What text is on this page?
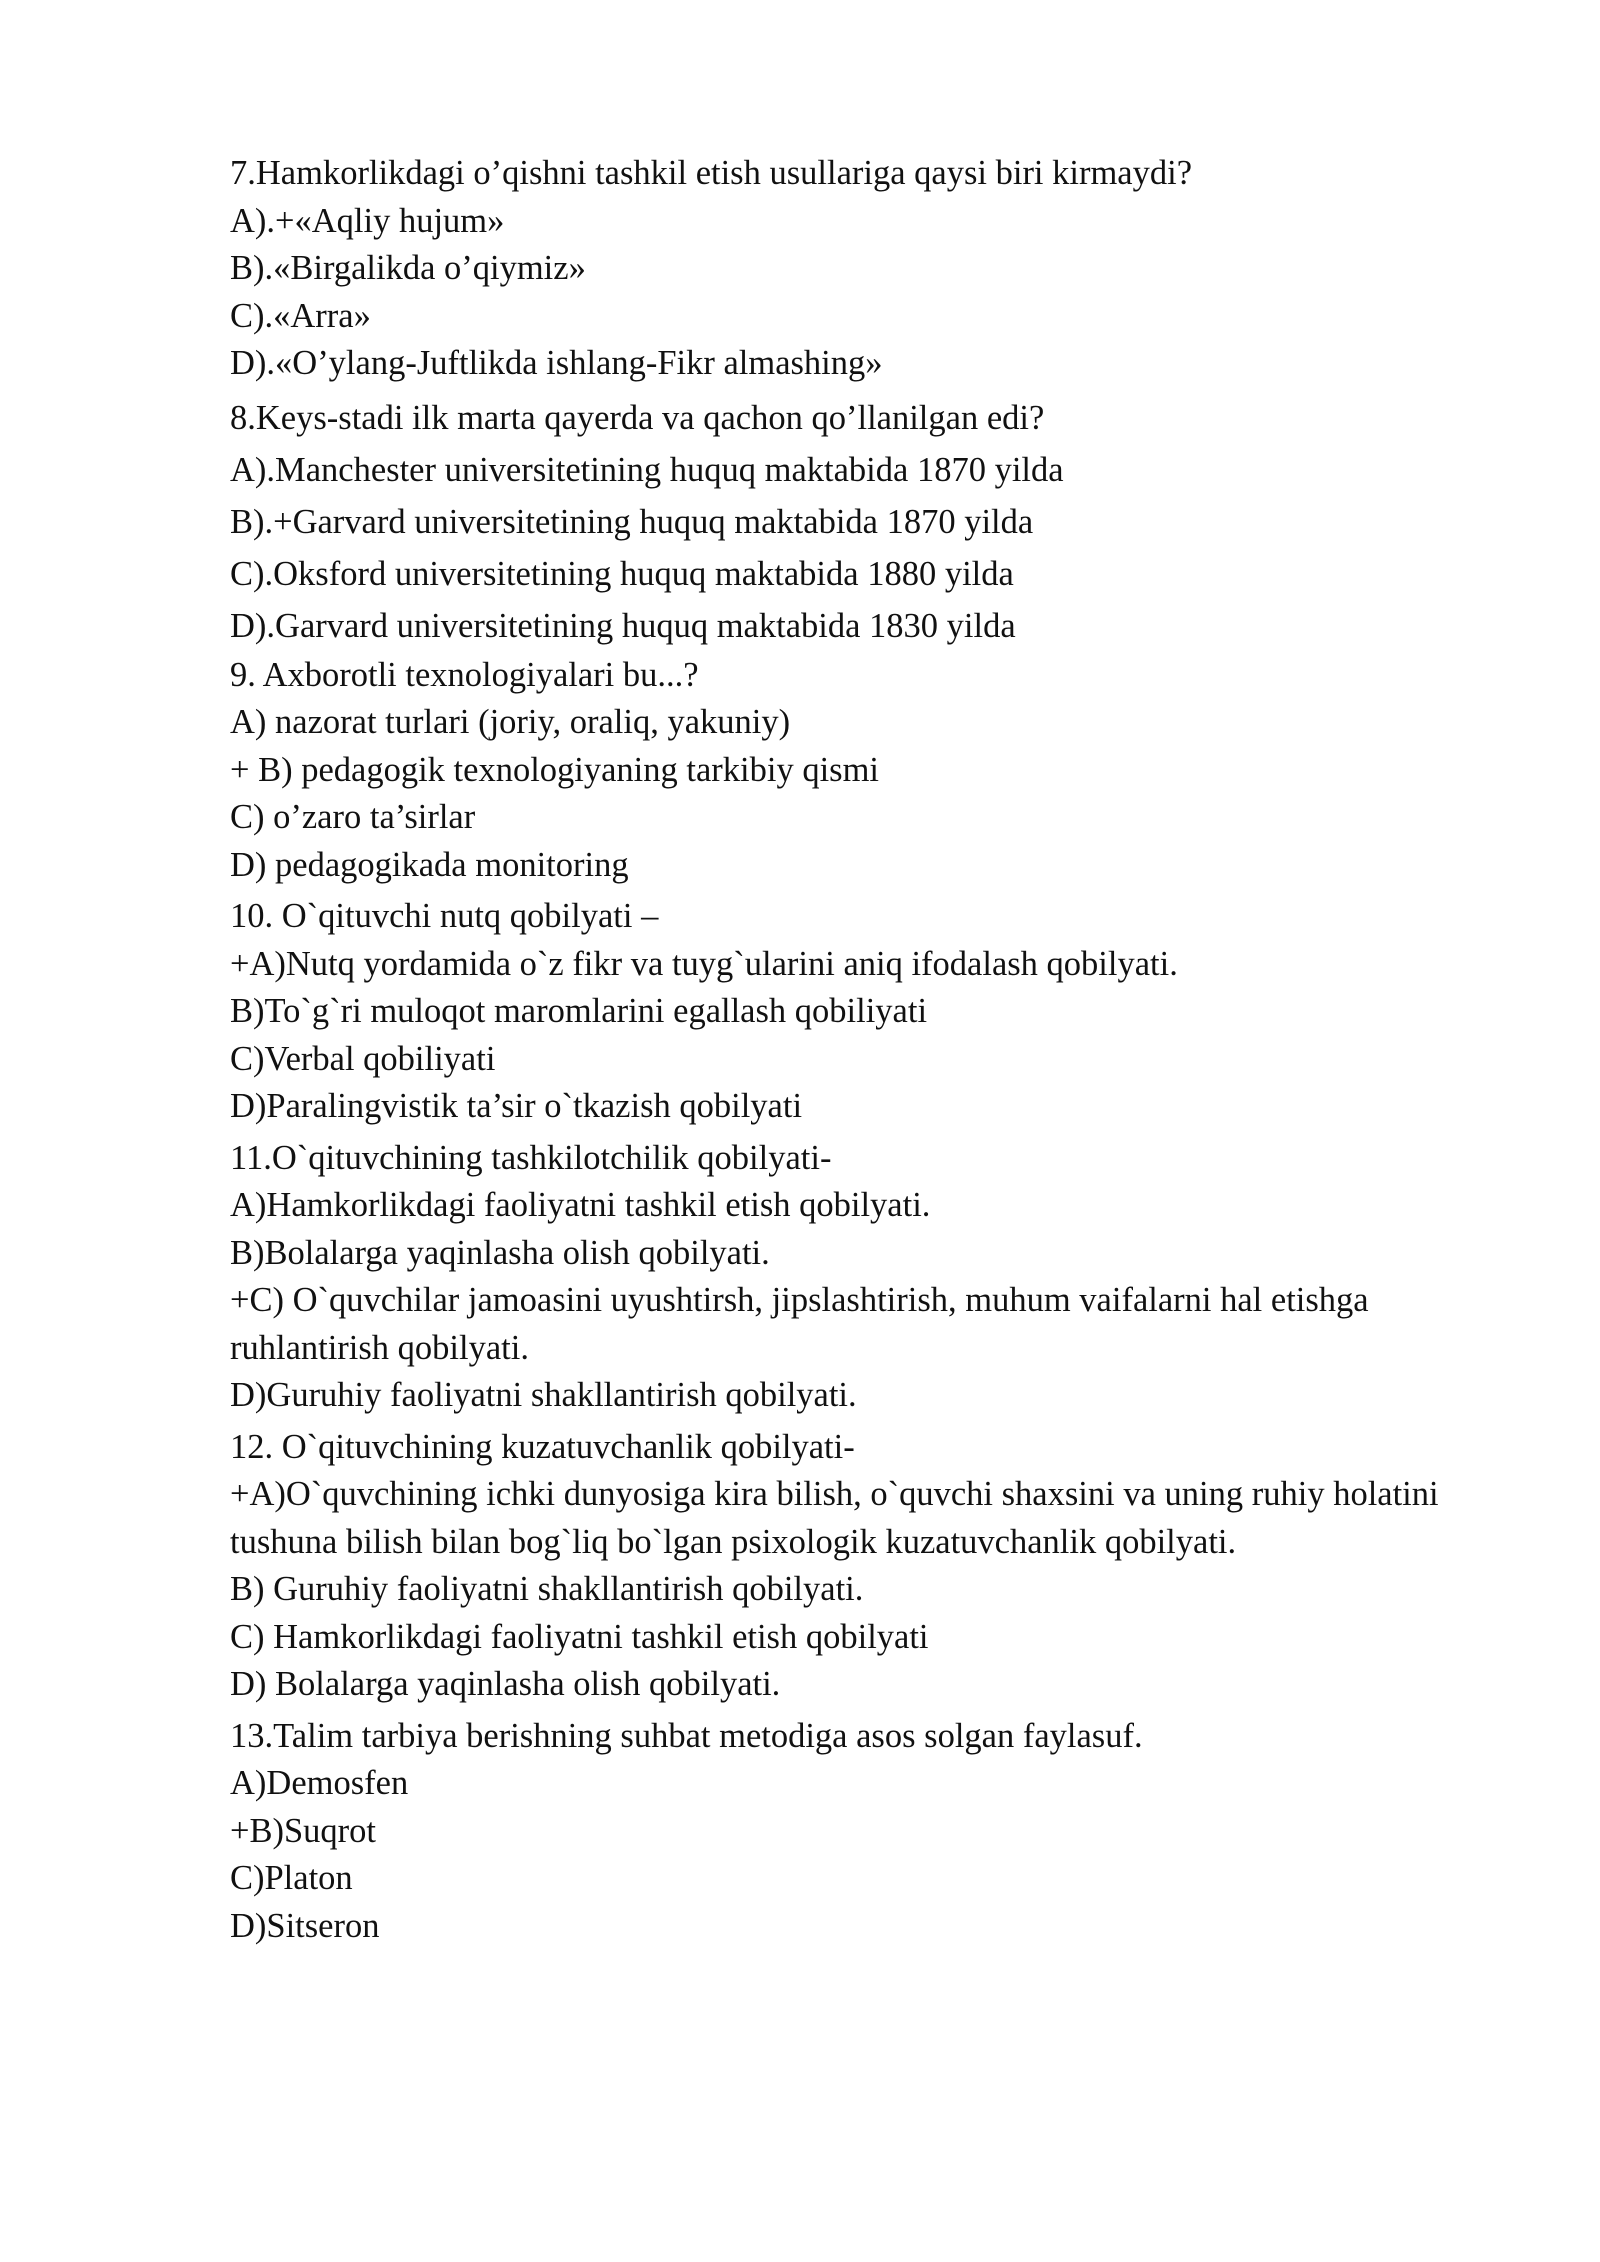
7.Hamkorlikdagi o’qishni tashkil etish usullariga qaysi biri kirmaydi?
A).+«Aqliy hujum»
B).«Birgalikda o’qiymiz»
C).«Arra»
D).«O’ylang-Juftlikda ishlang-Fikr almashing»
8.Keys-stadi ilk marta qayerda va qachon qo’llanilgan edi?
A).Manchester universitetining huquq maktabida 1870 yilda
B).+Garvard universitetining huquq maktabida 1870 yilda
C).Oksford universitetining huquq maktabida 1880 yilda
D).Garvard universitetining huquq maktabida 1830 yilda
9. Axborotli texnologiyalari bu...?
A) nazorat turlari (joriy, oraliq, yakuniy)
+ B) pedagogik texnologiyaning tarkibiy qismi
C) o’zaro ta’sirlar
D) pedagogikada monitoring
10. O`qituvchi nutq qobilyati –
+A)Nutq yordamida o`z fikr va tuyg`ularini aniq ifodalash qobilyati.
B)To`g`ri muloqot maromlarini egallash qobiliyati
C)Verbal qobiliyati
D)Paralingvistik ta’sir o`tkazish qobilyati
11.O`qituvchining tashkilotchilik qobilyati-
A)Hamkorlikdagi faoliyatni tashkil etish qobilyati.
B)Bolalarga yaqinlasha olish qobilyati.
+C) O`quvchilar jamoasini uyushtirsh, jipslashtirish, muhum vaifalarni hal etishga ruhlantirish qobilyati.
D)Guruhiy faoliyatni shakllantirish qobilyati.
12. O`qituvchining kuzatuvchanlik qobilyati-
+A)O`quvchining ichki dunyosiga kira bilish, o`quvchi shaxsini va uning ruhiy holatini tushuna bilish bilan bog`liq bo`lgan psixologik kuzatuvchanlik qobilyati.
B) Guruhiy faoliyatni shakllantirish qobilyati.
C) Hamkorlikdagi faoliyatni tashkil etish qobilyati
D) Bolalarga yaqinlasha olish qobilyati.
13.Talim tarbiya berishning suhbat metodiga asos solgan faylasuf.
A)Demosfen
+B)Suqrot
C)Platon
D)Sitseron
